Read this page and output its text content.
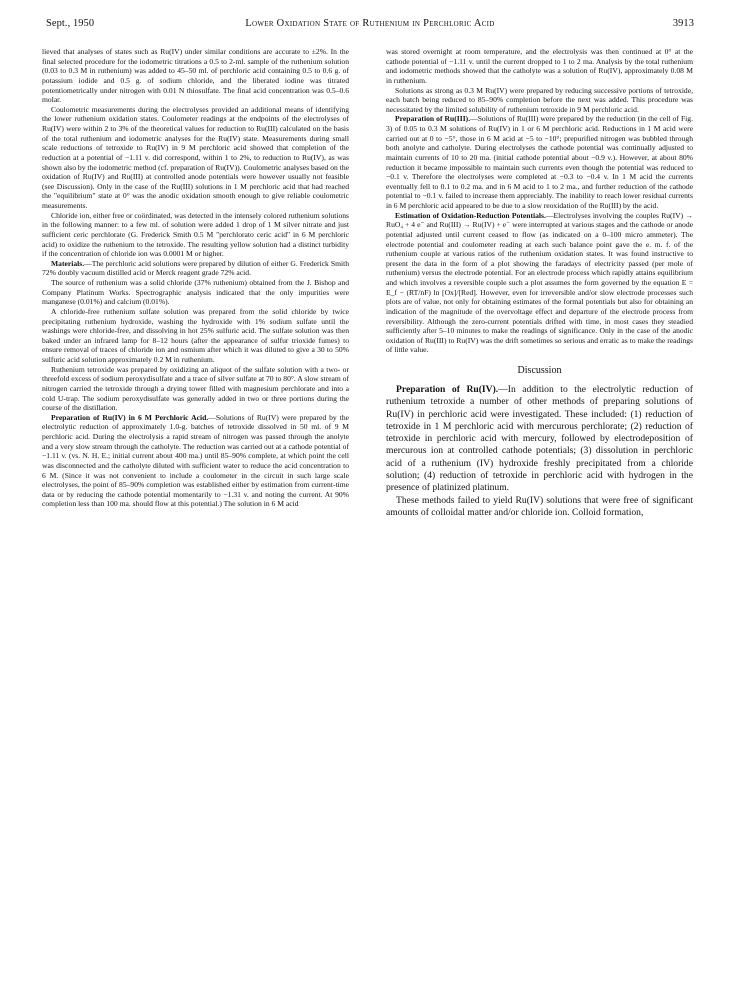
Sept., 1950	Lower Oxidation State of Ruthenium in Perchloric Acid	3913

lieved that analyses of states such as Ru(IV) under similar conditions are accurate to ±2%. In the final selected procedure for the iodometric titrations a 0.5 to 2-ml. sample of the ruthenium solution (0.03 to 0.3 M in ruthenium) was added to 45–50 ml. of perchloric acid containing 0.5 to 0.6 g. of potassium iodide and 0.5 g. of sodium chloride, and the liberated iodine was titrated potentiometrically under nitrogen with 0.01 N thiosulfate. The final acid concentration was 0.5–0.6 molar.

Coulometric measurements during the electrolyses provided an additional means of identifying the lower ruthenium oxidation states. Coulometer readings at the endpoints of the electrolyses of Ru(IV) were within 2 to 3% of the theoretical values for reduction to Ru(III) calculated on the basis of the total ruthenium and iodometric analyses for the Ru(IV) state. Measurements during small scale reductions of tetroxide to Ru(IV) in 9 M perchloric acid showed that completion of the reduction at a potential of −1.11 v. did correspond, within 1 to 2%, to reduction to Ru(IV), as was shown also by the iodometric method (cf. preparation of Ru(IV)). Coulometric analyses based on the oxidation of Ru(IV) and Ru(III) at controlled anode potentials were however usually not feasible (see Discussion). Only in the case of the Ru(III) solutions in 1 M perchloric acid that had reached the "equilibrium" state at 0° was the anodic oxidation smooth enough to give reliable coulometric measurements.

Chloride ion, either free or coördinated, was detected in the intensely colored ruthenium solutions in the following manner: to a few ml. of solution were added 1 drop of 1 M silver nitrate and just sufficient ceric perchlorate (G. Frederick Smith 0.5 M "perchlorato ceric acid" in 6 M perchloric acid) to oxidize the ruthenium to the tetroxide. The resulting yellow solution had a distinct turbidity if the concentration of chloride ion was 0.0001 M or higher.

Materials.—The perchloric acid solutions were prepared by dilution of either G. Frederick Smith 72% doubly vacuum distilled acid or Merck reagent grade 72% acid.

The source of ruthenium was a solid chloride (37% ruthenium) obtained from the J. Bishop and Company Platinum Works. Spectrographic analysis indicated that the only impurities were manganese (0.01%) and calcium (0.01%).

A chloride-free ruthenium sulfate solution was prepared from the solid chloride by twice precipitating ruthenium hydroxide, washing the hydroxide with 1% sodium sulfate until the washings were chloride-free, and dissolving in hot 25% sulfuric acid. The sulfate solution was then baked under an infrared lamp for 8–12 hours (after the appearance of sulfur trioxide fumes) to ensure removal of traces of chloride ion and osmium after which it was diluted to give a 30 to 50% sulfuric acid solution approximately 0.2 M in ruthenium.

Ruthenium tetroxide was prepared by oxidizing an aliquot of the sulfate solution with a two- or threefold excess of sodium peroxydisulfate and a trace of silver sulfate at 70 to 80°. A slow stream of nitrogen carried the tetroxide through a drying tower filled with magnesium perchlorate and into a cold U-trap. The sodium peroxydisulfate was generally added in two or three portions during the course of the distillation.

Preparation of Ru(IV) in 6 M Perchloric Acid.—Solutions of Ru(IV) were prepared by the electrolytic reduction of approximately 1.0-g. batches of tetroxide dissolved in 50 ml. of 9 M perchloric acid. During the electrolysis a rapid stream of nitrogen was passed through the anolyte and a very slow stream through the catholyte. The reduction was carried out at a cathode potential of −1.11 v. (vs. N. H. E.; initial current about 400 ma.) until 85–90% complete, at which point the cell was disconnected and the catholyte diluted with sufficient water to reduce the acid concentration to 6 M. (Since it was not convenient to include a coulometer in the circuit in such large scale electrolyses, the point of 85–90% completion was established either by estimation from current-time data or by reducing the cathode potential momentarily to −1.31 v. and noting the current. At 90% completion less than 100 ma. should flow at this potential.) The solution in 6 M acid

was stored overnight at room temperature, and the electrolysis was then continued at 0° at the cathode potential of −1.11 v. until the current dropped to 1 to 2 ma. Analysis by the total ruthenium and iodometric methods showed that the catholyte was a solution of Ru(IV), approximately 0.08 M in ruthenium.

Solutions as strong as 0.3 M Ru(IV) were prepared by reducing successive portions of tetroxide, each batch being reduced to 85–90% completion before the next was added. This procedure was necessitated by the limited solubility of ruthenium tetroxide in 9 M perchloric acid.

Preparation of Ru(III).—Solutions of Ru(III) were prepared by the reduction (in the cell of Fig. 3) of 0.05 to 0.3 M solutions of Ru(IV) in 1 or 6 M perchloric acid. Reductions in 1 M acid were carried out at 0 to −5°, those in 6 M acid at −5 to −10°; prepurified nitrogen was bubbled through both anolyte and catholyte. During electrolyses the cathode potential was continually adjusted to maintain currents of 10 to 20 ma. (initial cathode potential about −0.9 v.). However, at about 80% reduction it became impossible to maintain such currents even though the potential was reduced to −0.1 v. Therefore the electrolyses were completed at −0.3 to −0.4 v. In 1 M acid the currents eventually fell to 0.1 to 0.2 ma. and in 6 M acid to 1 to 2 ma., and further reduction of the cathode potential to −0.1 v. failed to increase them appreciably. The inability to reach lower residual currents in 6 M perchloric acid appeared to be due to a slow reoxidation of the Ru(III) by the acid.

Estimation of Oxidation-Reduction Potentials.—Electrolyses involving the couples Ru(IV) → RuO₄ + 4 e⁻ and Ru(III) → Ru(IV) + e⁻ were interrupted at various stages and the cathode or anode potential adjusted until current ceased to flow (as indicated on a 0–100 micro ammeter). The electrode potential and coulometer reading at each such balance point gave the e. m. f. of the ruthenium couple at various ratios of the ruthenium oxidation states. It was found instructive to present the data in the form of a plot showing the faradays of electricity passed (per mole of ruthenium) versus the electrode potential. For an electrode process which rapidly attains equilibrium and which involves a reversible couple such a plot assumes the form governed by the equation E = E_f − (RT/nF) ln [Ox]/[Red]. However, even for irreversible and/or slow electrode processes such plots are of value, not only for obtaining estimates of the formal potentials but also for obtaining an indication of the magnitude of the overvoltage effect and departure of the electrode process from reversibility. Although the zero-current potentials drifted with time, in most cases they steadied sufficiently after 5–10 minutes to make the readings of significance. Only in the case of the anodic oxidation of Ru(III) to Ru(IV) was the drift sometimes so serious and erratic as to make the readings of little value.

Discussion

Preparation of Ru(IV).—In addition to the electrolytic reduction of ruthenium tetroxide a number of other methods of preparing solutions of Ru(IV) in perchloric acid were investigated. These included: (1) reduction of tetroxide in 1 M perchloric acid with mercurous perchlorate; (2) reduction of tetroxide in perchloric acid with mercury, followed by electrodeposition of mercurous ion at controlled cathode potentials; (3) dissolution in perchloric acid of a ruthenium (IV) hydroxide freshly precipitated from a chloride solution; (4) reduction of tetroxide in perchloric acid with hydrogen in the presence of platinized platinum.

These methods failed to yield Ru(IV) solutions that were free of significant amounts of colloidal matter and/or chloride ion. Colloid formation,
